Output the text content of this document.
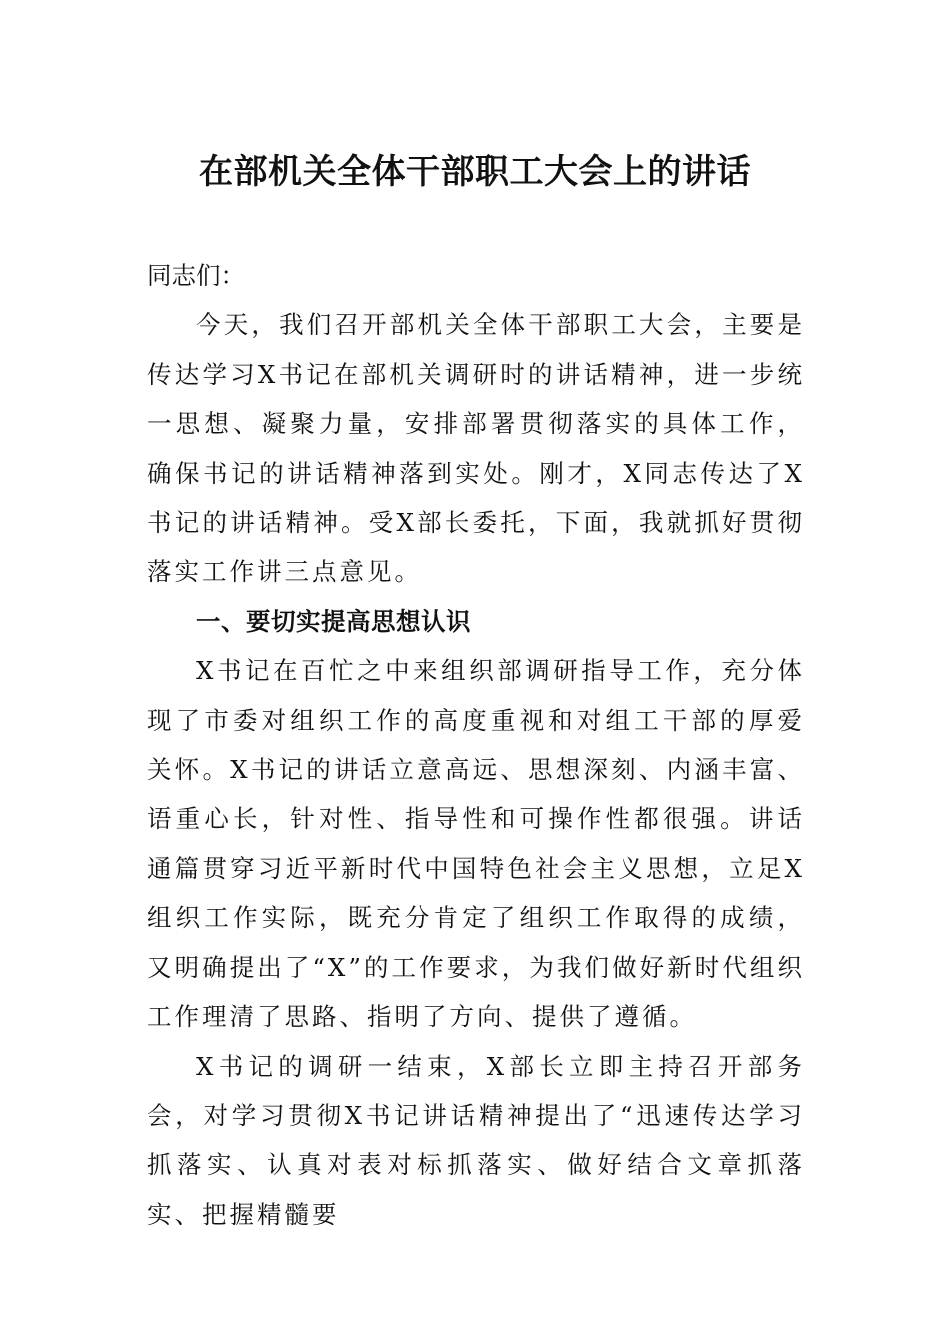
在部机关全体干部职工大会上的讲话

同志们：

今天，我们召开部机关全体干部职工大会，主要是传达学习X书记在部机关调研时的讲话精神，进一步统一思想、凝聚力量，安排部署贯彻落实的具体工作，确保书记的讲话精神落到实处。刚才，X同志传达了X书记的讲话精神。受X部长委托，下面，我就抓好贯彻落实工作讲三点意见。

一、要切实提高思想认识

X书记在百忙之中来组织部调研指导工作，充分体现了市委对组织工作的高度重视和对组工干部的厚爱关怀。X书记的讲话立意高远、思想深刻、内涵丰富、语重心长，针对性、指导性和可操作性都很强。讲话通篇贯穿习近平新时代中国特色社会主义思想，立足X组织工作实际，既充分肯定了组织工作取得的成绩，又明确提出了“X”的工作要求，为我们做好新时代组织工作理清了思路、指明了方向、提供了遵循。

X书记的调研一结束，X部长立即主持召开部务会，对学习贯彻X书记讲话精神提出了“迅速传达学习抓落实、认真对表对标抓落实、做好结合文章抓落实、把握精髓要
